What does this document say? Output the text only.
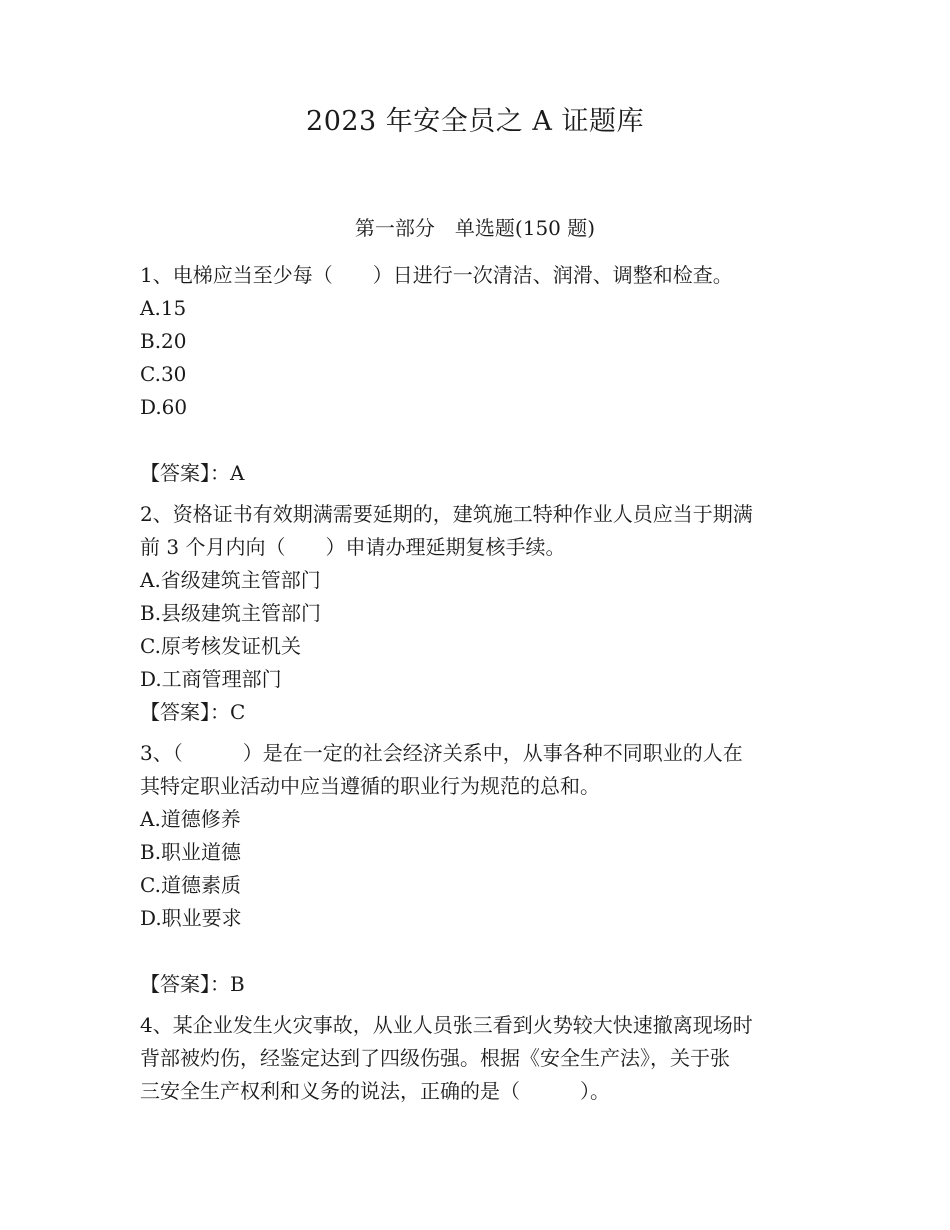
2023 年安全员之 A 证题库
第一部分　单选题(150 题)

1、电梯应当至少每（　　）日进行一次清洁、润滑、调整和检查。

A.15

B.20

C.30

D.60

【答案】：A

2、资格证书有效期满需要延期的，建筑施工特种作业人员应当于期满

前 3 个月内向（　　）申请办理延期复核手续。

A.省级建筑主管部门

B.县级建筑主管部门

C.原考核发证机关

D.工商管理部门

【答案】：C

3、（　　　）是在一定的社会经济关系中，从事各种不同职业的人在

其特定职业活动中应当遵循的职业行为规范的总和。

A.道德修养

B.职业道德

C.道德素质

D.职业要求

【答案】：B

4、某企业发生火灾事故，从业人员张三看到火势较大快速撤离现场时

背部被灼伤，经鉴定达到了四级伤强。根据《安全生产法》，关于张

三安全生产权利和义务的说法，正确的是（　　　）。
